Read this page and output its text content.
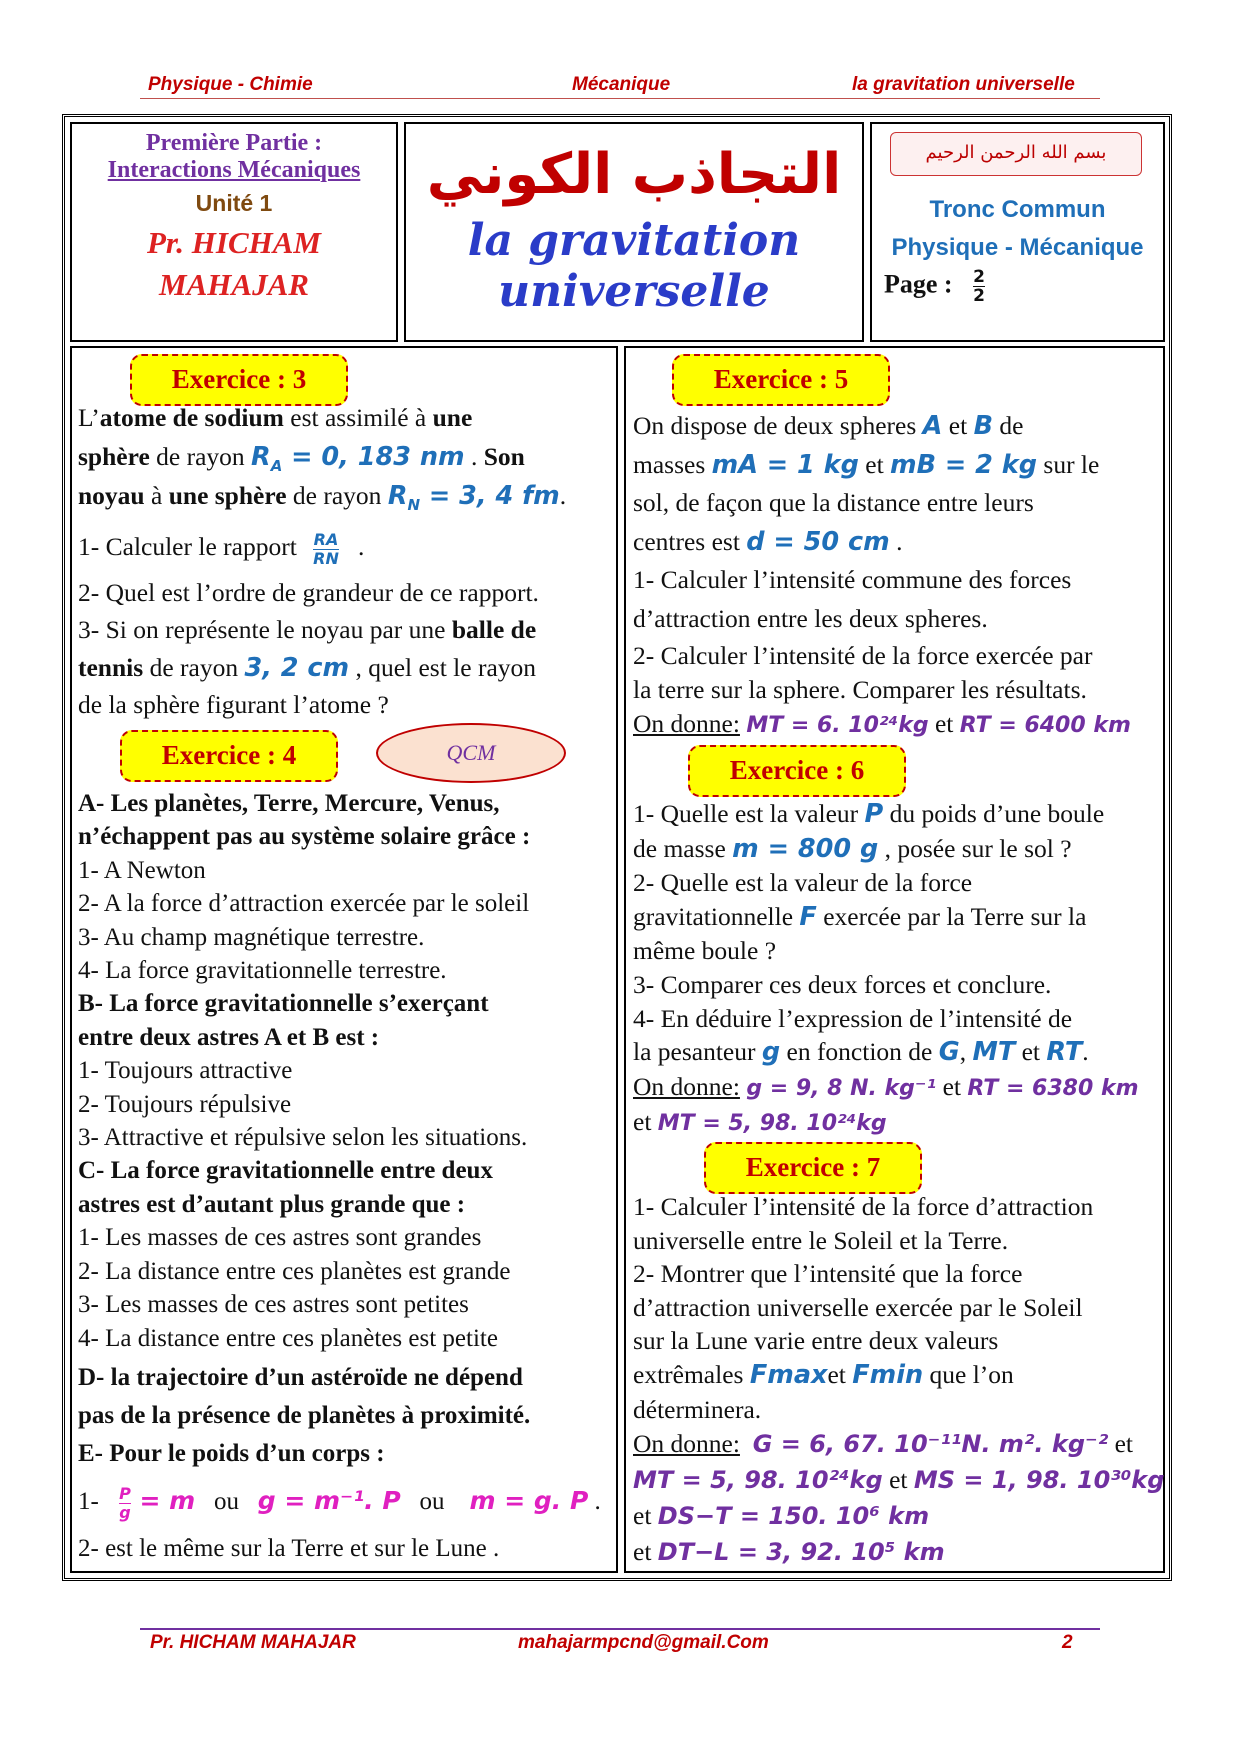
Physique - Chimie	Mécanique	la gravitation universelle
Première Partie :
Interactions Mécaniques
Unité 1
Pr. HICHAM
MAHAJAR
التجاذب الكوني
la gravitation universelle
بسم الله الرحمن الرحيم
Tronc Commun
Physique - Mécanique
Page : $\frac{2}{2}$
Exercice : 3

L’atome de sodium est assimilé à une

sphère de rayon $R_A = 0$, 183 nm . Son

noyau à une sphère de rayon $R_N = 3$, 4 fm.

1- Calculer le rapport $\frac{RA}{RN}$ .

2- Quel est l’ordre de grandeur de ce rapport.

3- Si on représente le noyau par une balle de

tennis de rayon 3, 2 cm , quel est le rayon

de la sphère figurant l’atome ?

Exercice : 4	QCM

A- Les planètes, Terre, Mercure, Venus,

n’échappent pas au système solaire grâce :

1- A Newton

2- A la force d’attraction exercée par le soleil

3- Au champ magnétique terrestre.

4- La force gravitationnelle terrestre.

B- La force gravitationnelle s’exerçant

entre deux astres A et B est :

1- Toujours attractive

2- Toujours répulsive

3- Attractive et répulsive selon les situations.

C- La force gravitationnelle entre deux

astres est d’autant plus grande que :

1- Les masses de ces astres sont grandes

2- La distance entre ces planètes est grande

3- Les masses de ces astres sont petites

4- La distance entre ces planètes est petite

D- la trajectoire d’un astéroïde ne dépend

pas de la présence de planètes à proximité.

E- Pour le poids d’un corps :

$1- \frac{P}{g} = m$ ou g = m⁻¹. P ou m = g. P .

2- est le même sur la Terre et sur le Lune .

Exercice : 5

On dispose de deux spheres A et B de

masses mA = 1 kg et mB = 2 kg sur le

sol, de façon que la distance entre leurs

centres est d = 50 cm .

1- Calculer l’intensité commune des forces

d’attraction entre les deux spheres.

2- Calculer l’intensité de la force exercée par

la terre sur la sphere. Comparer les résultats.

On donne: MT = 6. 10²⁴kg et RT = 6400 km

Exercice : 6

1- Quelle est la valeur P du poids d’une boule

de masse m = 800 g , posée sur le sol ?

2- Quelle est la valeur de la force

gravitationnelle F exercée par la Terre sur la

même boule ?

3- Comparer ces deux forces et conclure.

4- En déduire l’expression de l’intensité de

la pesanteur g en fonction de G, MT et RT.

On donne: g = 9, 8 N. kg⁻¹ et RT = 6380 km

et MT = 5, 98. 10²⁴kg

Exercice : 7

1- Calculer l’intensité de la force d’attraction

universelle entre le Soleil et la Terre.

2- Montrer que l’intensité que la force

d’attraction universelle exercée par le Soleil

sur la Lune varie entre deux valeurs

extrêmales Fmaxet Fmin que l’on

déterminera.

On donne: G = 6, 67. 10⁻¹¹N. m². kg⁻² et

MT = 5, 98. 10²⁴kg et MS = 1, 98. 10³⁰kg

et DS−T = 150. 10⁶ km

et DT−L = 3, 92. 10⁵ km

Pr. HICHAM MAHAJAR	mahajarmpcnd@gmail.Com	2
